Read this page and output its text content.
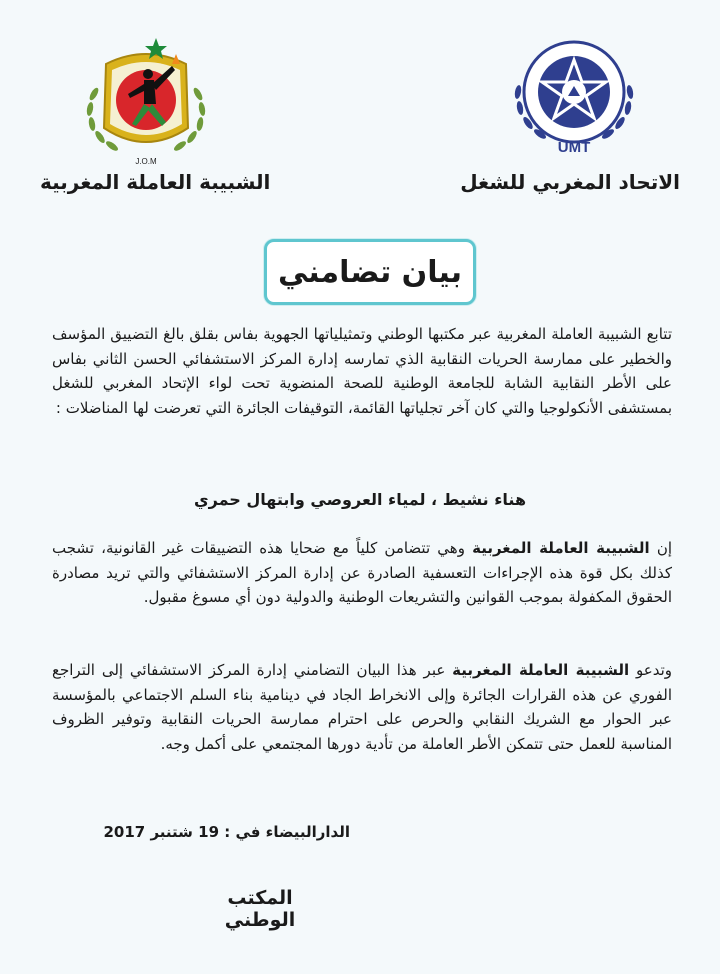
J.O.M
UMT
الاتحاد المغربي للشغل
الشبيبة العاملة المغربية
بيان تضامني
تتابع الشبيبة العاملة المغربية عبر مكتبها الوطني وتمثيلياتها الجهوية بفاس بقلق بالغ التضييق المؤسف والخطير على ممارسة الحريات النقابية الذي تمارسه إدارة المركز الاستشفائي الحسن الثاني بفاس على الأطر النقابية الشابة للجامعة الوطنية للصحة المنضوية تحت لواء الإتحاد المغربي للشغل بمستشفى الأنكولوجيا والتي كان آخر تجلياتها القائمة، التوقيفات الجائرة التي تعرضت لها المناضلات :
هناء نشيط ، لمياء العروصي وابتهال حمري
إن الشبيبة العاملة المغربية وهي تتضامن كلياً مع ضحايا هذه التضييقات غير القانونية، تشجب كذلك بكل قوة هذه الإجراءات التعسفية الصادرة عن إدارة المركز الاستشفائي والتي تريد مصادرة الحقوق المكفولة بموجب القوانين والتشريعات الوطنية والدولية دون أي مسوغ مقبول.
وتدعو الشبيبة العاملة المغربية عبر هذا البيان التضامني إدارة المركز الاستشفائي إلى التراجع الفوري عن هذه القرارات الجائرة وإلى الانخراط الجاد في دينامية بناء السلم الاجتماعي بالمؤسسة عبر الحوار مع الشريك النقابي والحرص على احترام ممارسة الحريات النقابية وتوفير الظروف المناسبة للعمل حتى تتمكن الأطر العاملة من تأدية دورها المجتمعي على أكمل وجه.
الدارالبيضاء في : 19 شتنبر 2017
المكتب الوطني
